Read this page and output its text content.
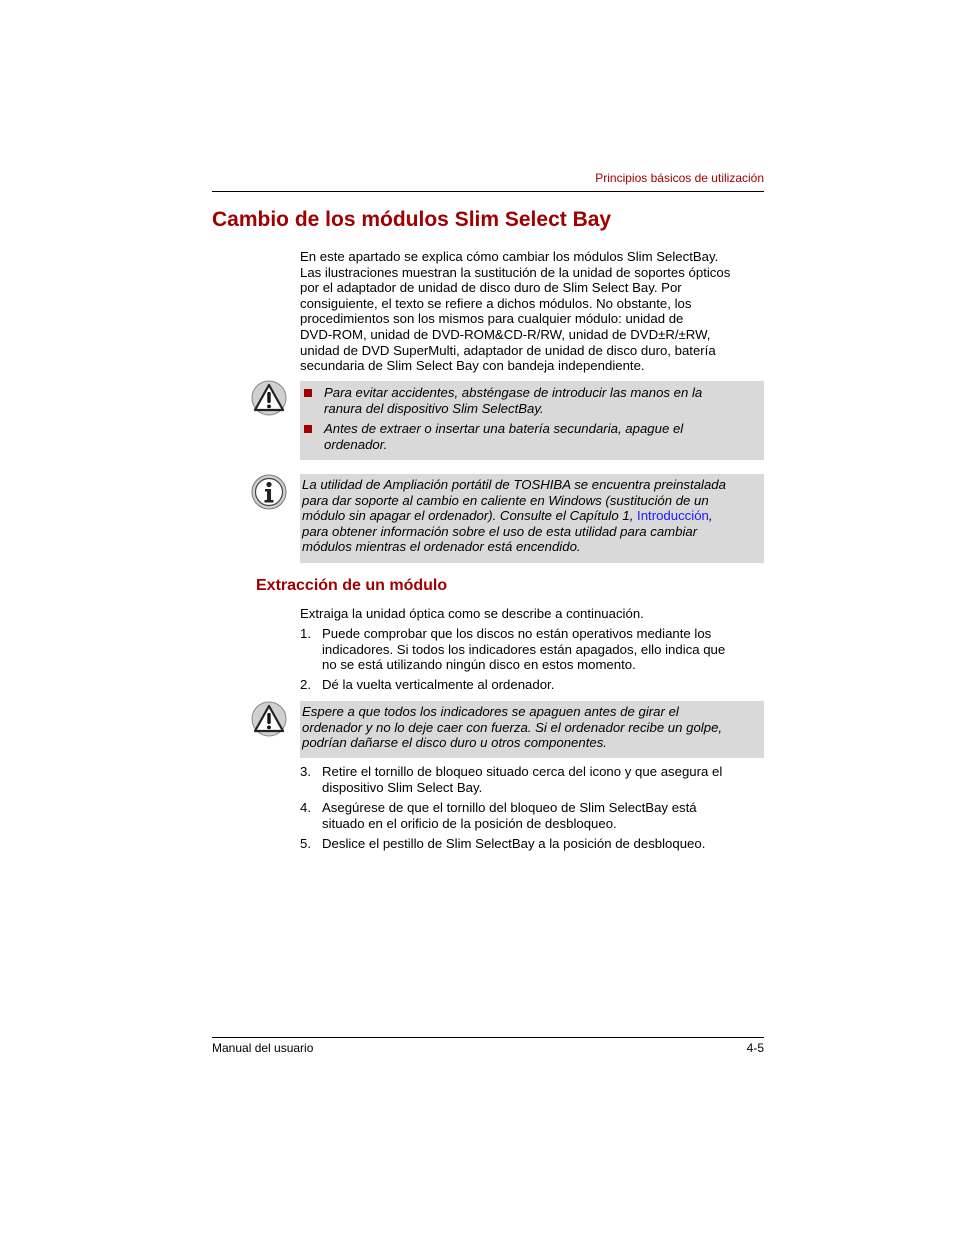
Principios básicos de utilización
Cambio de los módulos Slim Select Bay
En este apartado se explica cómo cambiar los módulos Slim SelectBay.
Las ilustraciones muestran la sustitución de la unidad de soportes ópticos
por el adaptador de unidad de disco duro de Slim Select Bay. Por
consiguiente, el texto se refiere a dichos módulos. No obstante, los
procedimientos son los mismos para cualquier módulo: unidad de
DVD-ROM, unidad de DVD-ROM&CD-R/RW, unidad de DVD±R/±RW,
unidad de DVD SuperMulti, adaptador de unidad de disco duro, batería
secundaria de Slim Select Bay con bandeja independiente.
Para evitar accidentes, absténgase de introducir las manos en la
ranura del dispositivo Slim SelectBay.
Antes de extraer o insertar una batería secundaria, apague el
ordenador.
La utilidad de Ampliación portátil de TOSHIBA se encuentra preinstalada
para dar soporte al cambio en caliente en Windows (sustitución de un
módulo sin apagar el ordenador). Consulte el Capítulo 1, Introducción,
para obtener información sobre el uso de esta utilidad para cambiar
módulos mientras el ordenador está encendido.
Extracción de un módulo
Extraiga la unidad óptica como se describe a continuación.
1. Puede comprobar que los discos no están operativos mediante los
indicadores. Si todos los indicadores están apagados, ello indica que
no se está utilizando ningún disco en estos momento.
2. Dé la vuelta verticalmente al ordenador.
Espere a que todos los indicadores se apaguen antes de girar el
ordenador y no lo deje caer con fuerza. Si el ordenador recibe un golpe,
podrían dañarse el disco duro u otros componentes.
3. Retire el tornillo de bloqueo situado cerca del icono y que asegura el
dispositivo Slim Select Bay.
4. Asegúrese de que el tornillo del bloqueo de Slim SelectBay está
situado en el orificio de la posición de desbloqueo.
5. Deslice el pestillo de Slim SelectBay a la posición de desbloqueo.
Manual del usuario	4-5
